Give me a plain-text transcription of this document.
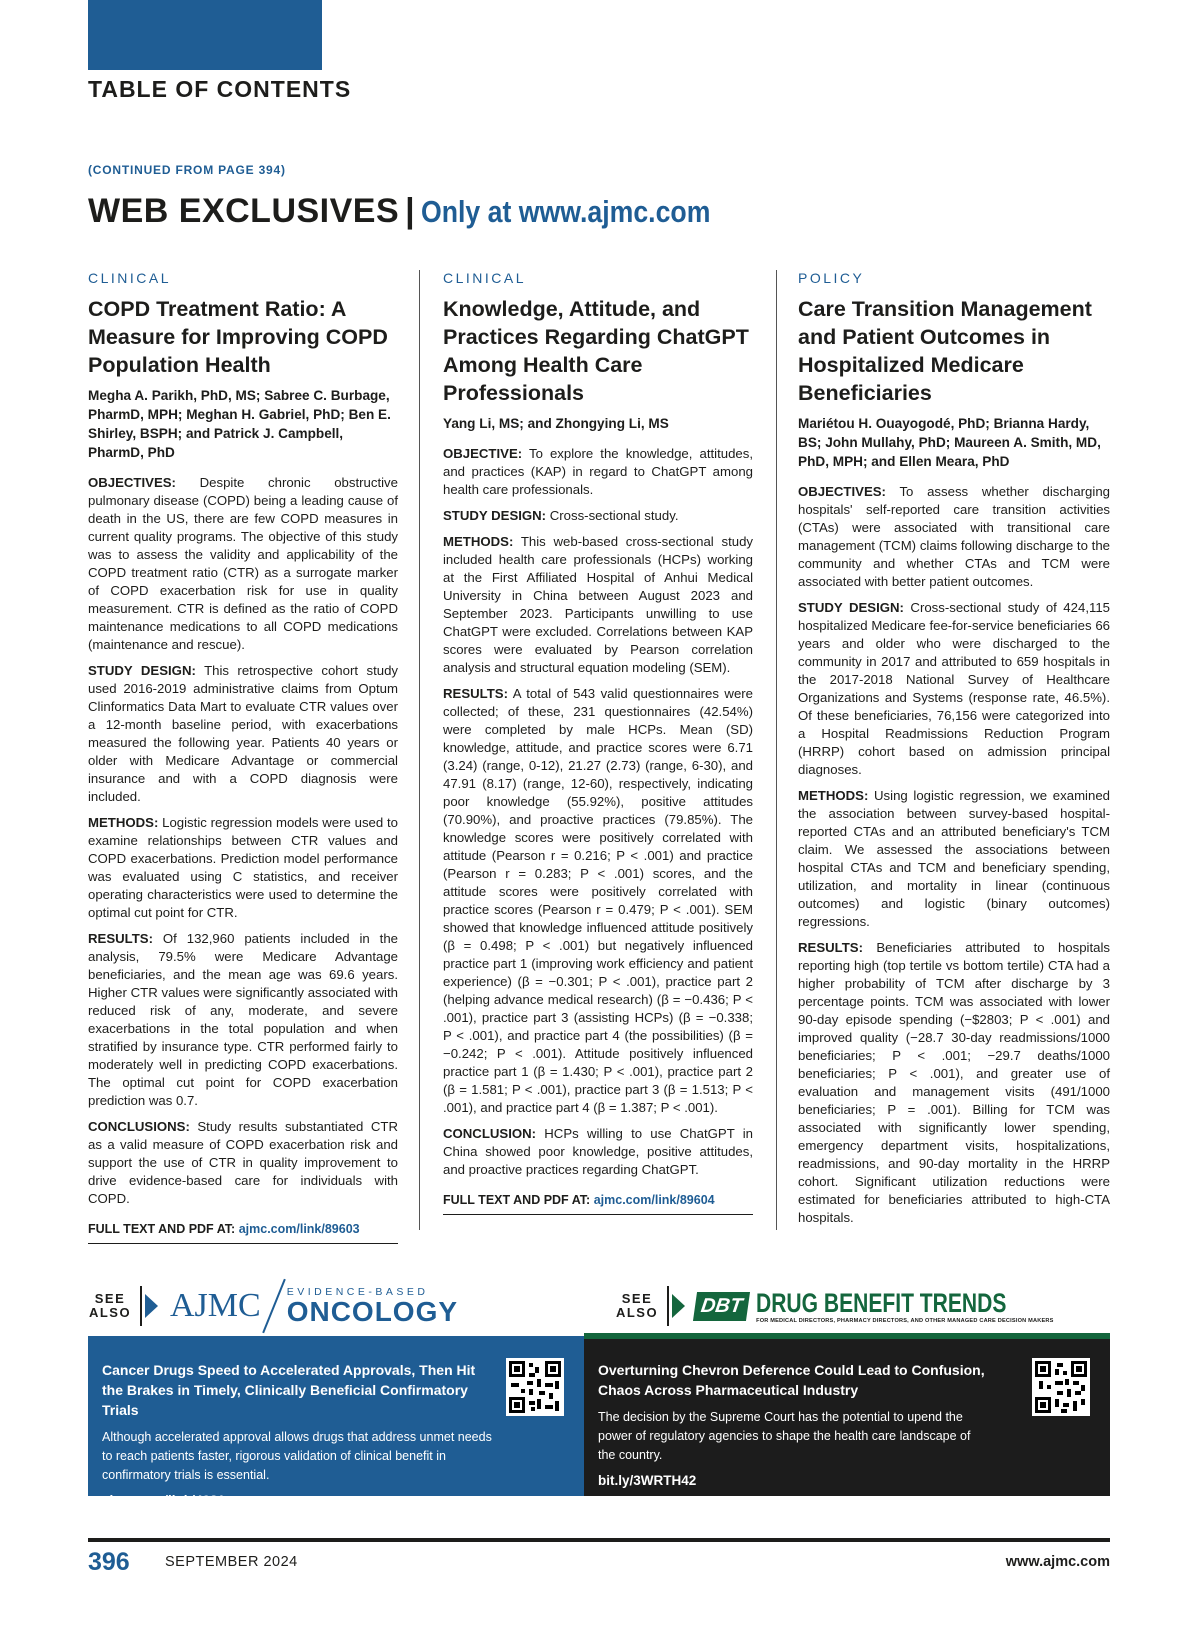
TABLE OF CONTENTS
(CONTINUED FROM PAGE 394)
WEB EXCLUSIVES | Only at www.ajmc.com
CLINICAL
COPD Treatment Ratio: A Measure for Improving COPD Population Health
Megha A. Parikh, PhD, MS; Sabree C. Burbage, PharmD, MPH; Meghan H. Gabriel, PhD; Ben E. Shirley, BSPH; and Patrick J. Campbell, PharmD, PhD

OBJECTIVES: Despite chronic obstructive pulmonary disease (COPD) being a leading cause of death in the US, there are few COPD measures in current quality programs. The objective of this study was to assess the validity and applicability of the COPD treatment ratio (CTR) as a surrogate marker of COPD exacerbation risk for use in quality measurement. CTR is defined as the ratio of COPD maintenance medications to all COPD medications (maintenance and rescue).

STUDY DESIGN: This retrospective cohort study used 2016-2019 administrative claims from Optum Clinformatics Data Mart to evaluate CTR values over a 12-month baseline period, with exacerbations measured the following year. Patients 40 years or older with Medicare Advantage or commercial insurance and with a COPD diagnosis were included.

METHODS: Logistic regression models were used to examine relationships between CTR values and COPD exacerbations. Prediction model performance was evaluated using C statistics, and receiver operating characteristics were used to determine the optimal cut point for CTR.

RESULTS: Of 132,960 patients included in the analysis, 79.5% were Medicare Advantage beneficiaries, and the mean age was 69.6 years. Higher CTR values were significantly associated with reduced risk of any, moderate, and severe exacerbations in the total population and when stratified by insurance type. CTR performed fairly to moderately well in predicting COPD exacerbations. The optimal cut point for COPD exacerbation prediction was 0.7.

CONCLUSIONS: Study results substantiated CTR as a valid measure of COPD exacerbation risk and support the use of CTR in quality improvement to drive evidence-based care for individuals with COPD.

FULL TEXT AND PDF AT: ajmc.com/link/89603
CLINICAL
Knowledge, Attitude, and Practices Regarding ChatGPT Among Health Care Professionals
Yang Li, MS; and Zhongying Li, MS

OBJECTIVE: To explore the knowledge, attitudes, and practices (KAP) in regard to ChatGPT among health care professionals.

STUDY DESIGN: Cross-sectional study.

METHODS: This web-based cross-sectional study included health care professionals (HCPs) working at the First Affiliated Hospital of Anhui Medical University in China between August 2023 and September 2023. Participants unwilling to use ChatGPT were excluded. Correlations between KAP scores were evaluated by Pearson correlation analysis and structural equation modeling (SEM).

RESULTS: A total of 543 valid questionnaires were collected; of these, 231 questionnaires (42.54%) were completed by male HCPs. Mean (SD) knowledge, attitude, and practice scores were 6.71 (3.24) (range, 0-12), 21.27 (2.73) (range, 6-30), and 47.91 (8.17) (range, 12-60), respectively, indicating poor knowledge (55.92%), positive attitudes (70.90%), and proactive practices (79.85%). The knowledge scores were positively correlated with attitude (Pearson r = 0.216; P < .001) and practice (Pearson r = 0.283; P < .001) scores, and the attitude scores were positively correlated with practice scores (Pearson r = 0.479; P < .001). SEM showed that knowledge influenced attitude positively (β = 0.498; P < .001) but negatively influenced practice part 1 (improving work efficiency and patient experience) (β = −0.301; P < .001), practice part 2 (helping advance medical research) (β = −0.436; P < .001), practice part 3 (assisting HCPs) (β = −0.338; P < .001), and practice part 4 (the possibilities) (β = −0.242; P < .001). Attitude positively influenced practice part 1 (β = 1.430; P < .001), practice part 2 (β = 1.581; P < .001), practice part 3 (β = 1.513; P < .001), and practice part 4 (β = 1.387; P < .001).

CONCLUSION: HCPs willing to use ChatGPT in China showed poor knowledge, positive attitudes, and proactive practices regarding ChatGPT.

FULL TEXT AND PDF AT: ajmc.com/link/89604
POLICY
Care Transition Management and Patient Outcomes in Hospitalized Medicare Beneficiaries
Mariétou H. Ouayogodé, PhD; Brianna Hardy, BS; John Mullahy, PhD; Maureen A. Smith, MD, PhD, MPH; and Ellen Meara, PhD

OBJECTIVES: To assess whether discharging hospitals' self-reported care transition activities (CTAs) were associated with transitional care management (TCM) claims following discharge to the community and whether CTAs and TCM were associated with better patient outcomes.

STUDY DESIGN: Cross-sectional study of 424,115 hospitalized Medicare fee-for-service beneficiaries 66 years and older who were discharged to the community in 2017 and attributed to 659 hospitals in the 2017-2018 National Survey of Healthcare Organizations and Systems (response rate, 46.5%). Of these beneficiaries, 76,156 were categorized into a Hospital Readmissions Reduction Program (HRRP) cohort based on admission principal diagnoses.

METHODS: Using logistic regression, we examined the association between survey-based hospital-reported CTAs and an attributed beneficiary's TCM claim. We assessed the associations between hospital CTAs and TCM and beneficiary spending, utilization, and mortality in linear (continuous outcomes) and logistic (binary outcomes) regressions.

RESULTS: Beneficiaries attributed to hospitals reporting high (top tertile vs bottom tertile) CTA had a higher probability of TCM after discharge by 3 percentage points. TCM was associated with lower 90-day episode spending (−$2803; P < .001) and improved quality (−28.7 30-day readmissions/1000 beneficiaries; P < .001; −29.7 deaths/1000 beneficiaries; P < .001), and greater use of evaluation and management visits (491/1000 beneficiaries; P = .001). Billing for TCM was associated with significantly lower spending, emergency department visits, hospitalizations, readmissions, and 90-day mortality in the HRRP cohort. Significant utilization reductions were estimated for beneficiaries attributed to high-CTA hospitals.

SEE ALSO AJMC EVIDENCE-BASED
ONCOLOGY	SEE ALSO	DBT DRUG BENEFIT TRENDS
FOR MEDICAL DIRECTORS, PHARMACY DIRECTORS, AND OTHER MANAGED CARE DECISION MAKERS
Cancer Drugs Speed to Accelerated Approvals, Then Hit the Brakes in Timely, Clinically Beneficial Confirmatory Trials
Although accelerated approval allows drugs that address unmet needs to reach patients faster, rigorous validation of clinical benefit in confirmatory trials is essential.
ajmc.com/link/4981
Overturning Chevron Deference Could Lead to Confusion, Chaos Across Pharmaceutical Industry
The decision by the Supreme Court has the potential to upend the power of regulatory agencies to shape the health care landscape of the country.
bit.ly/3WRTH42
396 SEPTEMBER 2024	www.ajmc.com
